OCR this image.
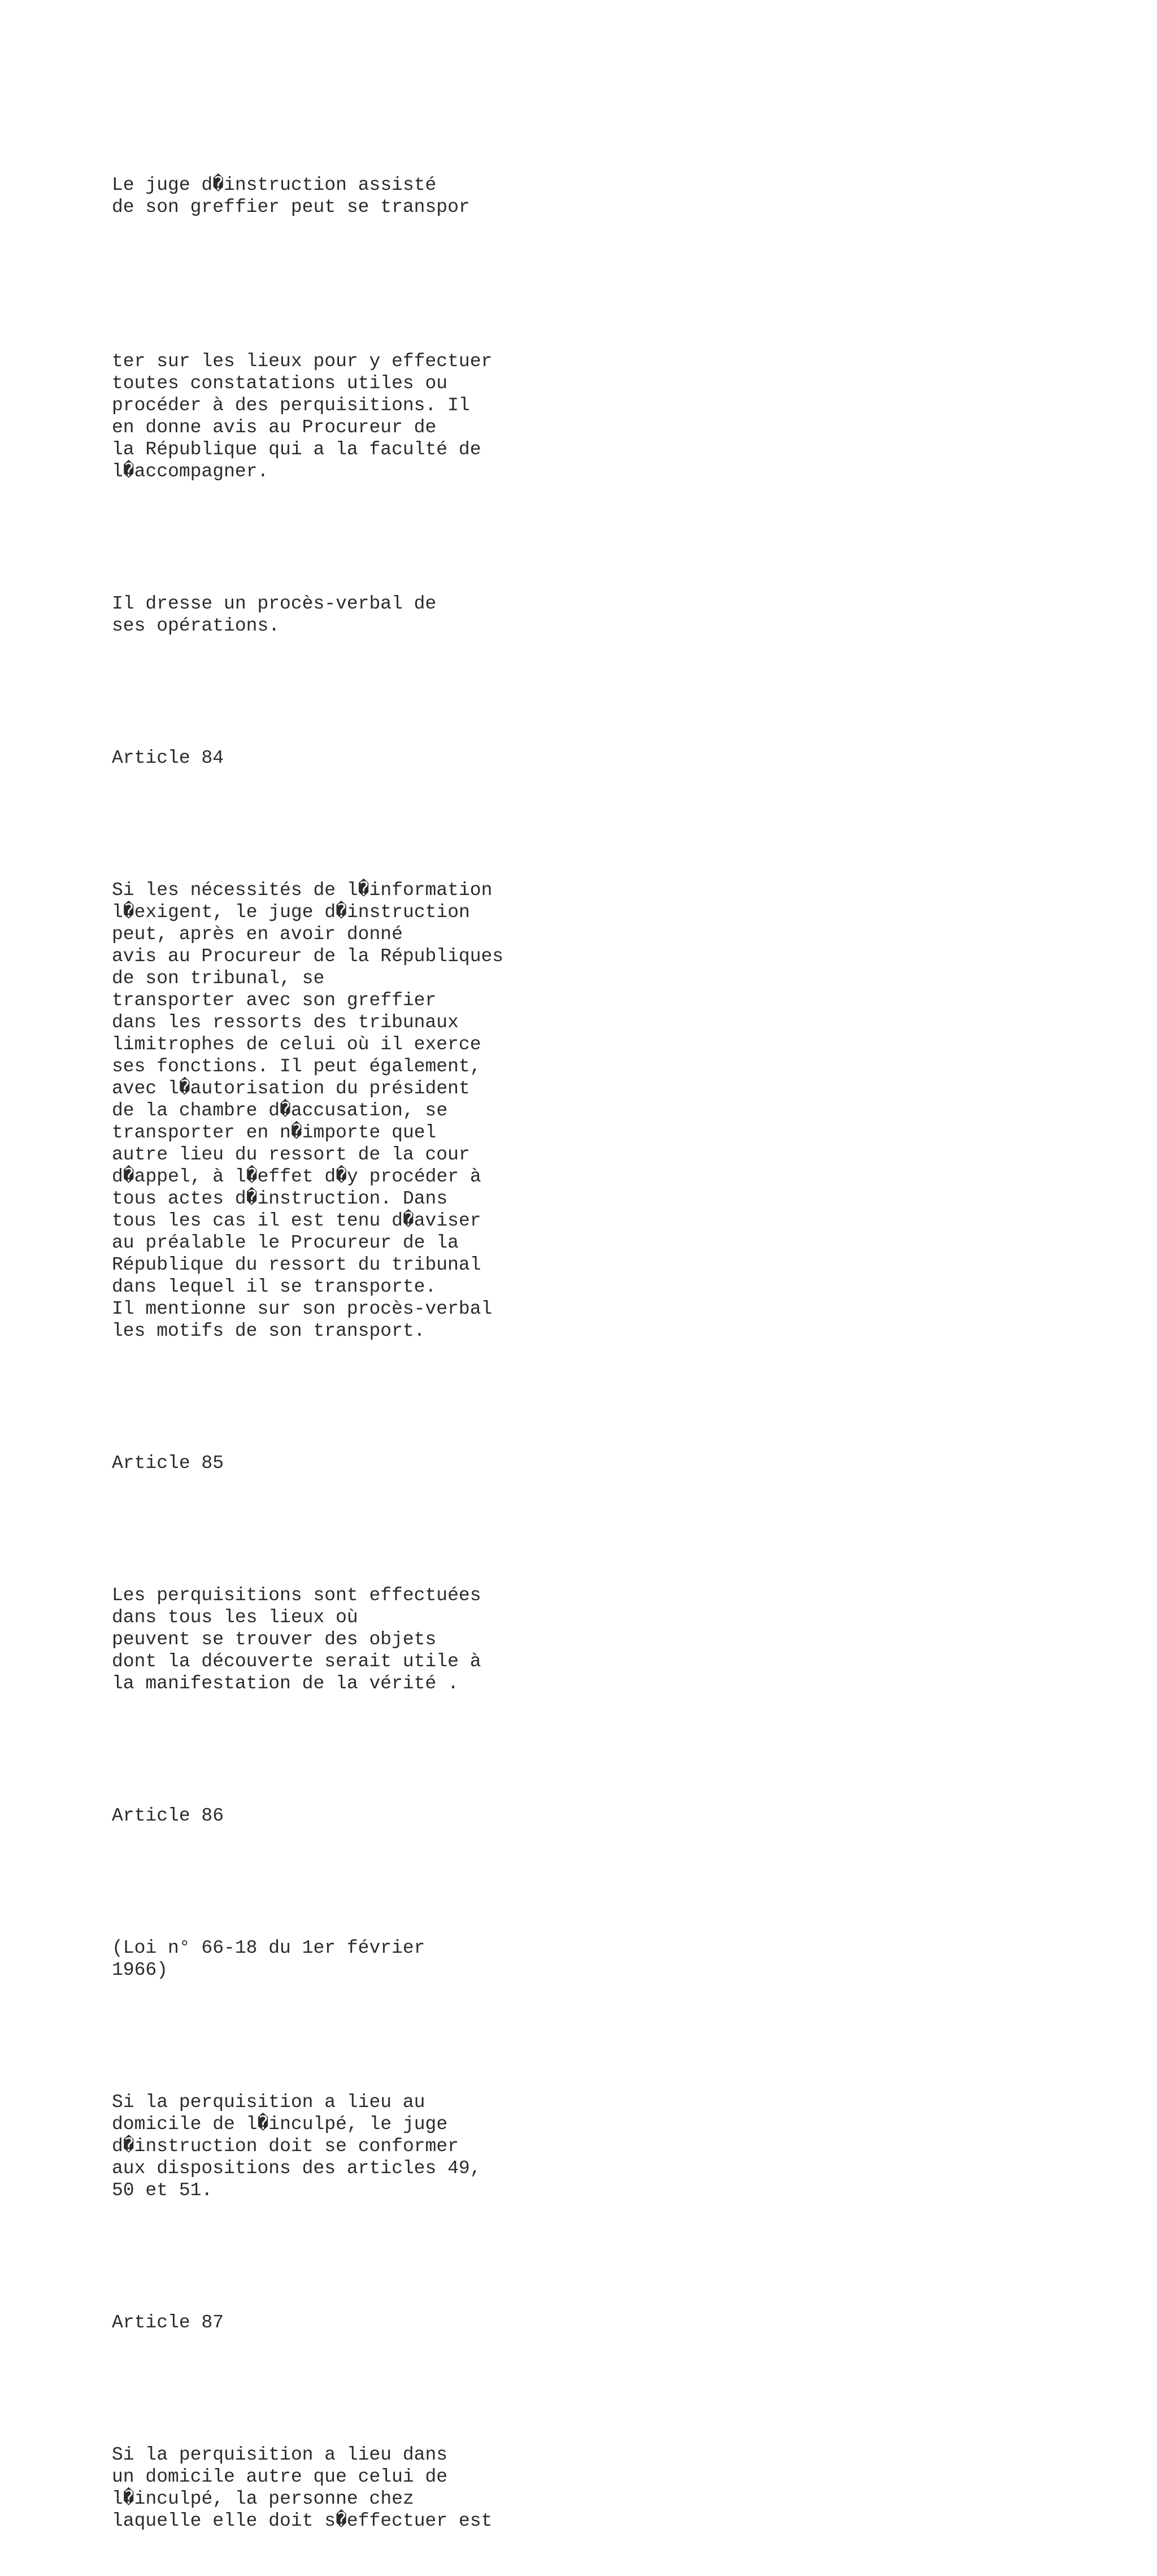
Le juge d�instruction assisté
de son greffier peut se transpor

ter sur les lieux pour y effectuer
toutes constatations utiles ou
procéder à des perquisitions. Il
en donne avis au Procureur de
la République qui a la faculté de
l�accompagner.

Il dresse un procès-verbal de
ses opérations.

Article 84

Si les nécessités de l�information
l�exigent, le juge d�instruction
peut, après en avoir donné
avis au Procureur de la Républiques
de son tribunal, se
transporter avec son greffier
dans les ressorts des tribunaux
limitrophes de celui où il exerce
ses fonctions. Il peut également,
avec l�autorisation du président
de la chambre d�accusation, se
transporter en n�importe quel
autre lieu du ressort de la cour
d�appel, à l�effet d�y procéder à
tous actes d�instruction. Dans
tous les cas il est tenu d�aviser
au préalable le Procureur de la
République du ressort du tribunal
dans lequel il se transporte.
Il mentionne sur son procès-verbal
les motifs de son transport.

Article 85

Les perquisitions sont effectuées
dans tous les lieux où
peuvent se trouver des objets
dont la découverte serait utile à
la manifestation de la vérité .

Article 86

(Loi n° 66-18 du 1er février
1966)

Si la perquisition a lieu au
domicile de l�inculpé, le juge
d�instruction doit se conformer
aux dispositions des articles 49,
50 et 51.

Article 87

Si la perquisition a lieu dans
un domicile autre que celui de
l�inculpé, la personne chez
laquelle elle doit s�effectuer est
